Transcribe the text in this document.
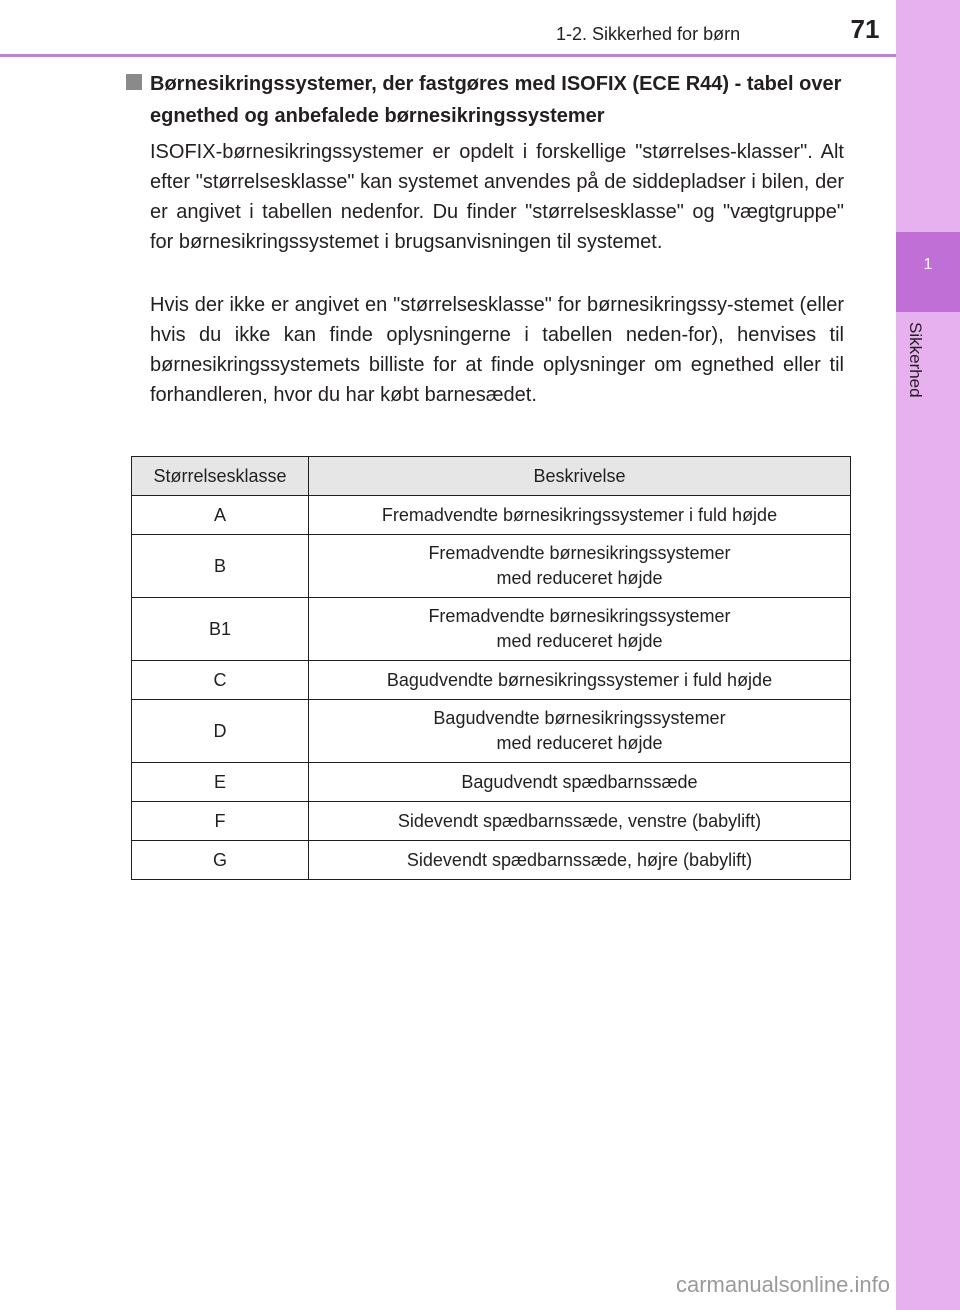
1-2. Sikkerhed for børn	71
1
Sikkerhed
Børnesikringssystemer, der fastgøres med ISOFIX (ECE R44) - tabel over egnethed og anbefalede børnesikringssystemer
ISOFIX-børnesikringssystemer er opdelt i forskellige "størrelses-klasser". Alt efter "størrelsesklasse" kan systemet anvendes på de siddepladser i bilen, der er angivet i tabellen nedenfor. Du finder "størrelsesklasse" og "vægtgruppe" for børnesikringssystemet i brugsanvisningen til systemet.
Hvis der ikke er angivet en "størrelsesklasse" for børnesikringssy-stemet (eller hvis du ikke kan finde oplysningerne i tabellen neden-for), henvises til børnesikringssystemets billiste for at finde oplysninger om egnethed eller til forhandleren, hvor du har købt barnesædet.
Størrelsesklasse	Beskrivelse
A	Fremadvendte børnesikringssystemer i fuld højde

B	Fremadvendte børnesikringssystemer
med reduceret højde

B1	Fremadvendte børnesikringssystemer
med reduceret højde

C	Bagudvendte børnesikringssystemer i fuld højde

D	Bagudvendte børnesikringssystemer
med reduceret højde

E	Bagudvendt spædbarnssæde

F	Sidevendt spædbarnssæde, venstre (babylift)

G	Sidevendt spædbarnssæde, højre (babylift)
carmanualsonline.info
